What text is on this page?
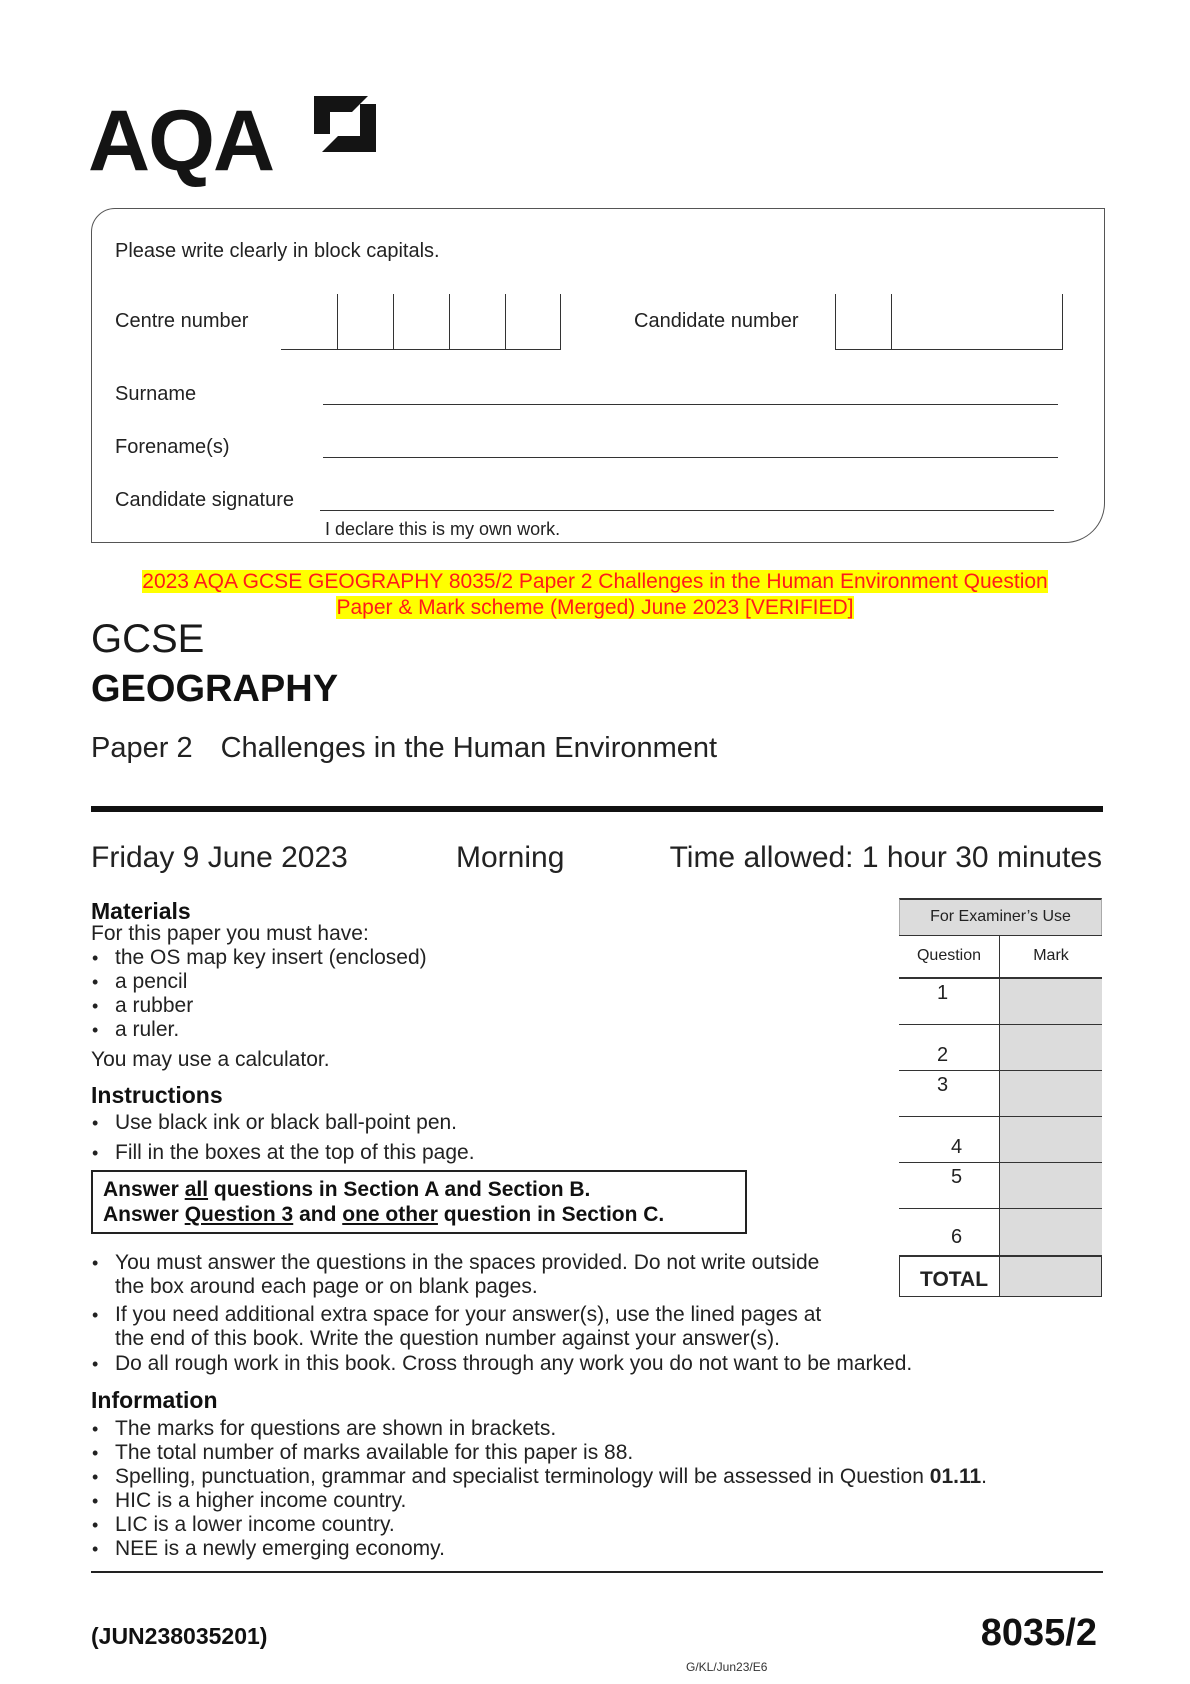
AQA
Please write clearly in block capitals.
Centre number	Candidate number
Surname
Forename(s)
Candidate signature
I declare this is my own work.
2023 AQA GCSE GEOGRAPHY 8035/2 Paper 2 Challenges in the Human Environment Question
Paper & Mark scheme (Merged) June 2023 [VERIFIED]
GCSE
GEOGRAPHY
Paper 2 Challenges in the Human Environment
Friday 9 June 2023	Morning	Time allowed: 1 hour 30 minutes
Materials
For this paper you must have:
• the OS map key insert (enclosed)
• a pencil
• a rubber
• a ruler.
You may use a calculator.
Instructions
• Use black ink or black ball-point pen.
• Fill in the boxes at the top of this page.
Answer all questions in Section A and Section B.
Answer Question 3 and one other question in Section C.
• You must answer the questions in the spaces provided. Do not write outside
the box around each page or on blank pages.
• If you need additional extra space for your answer(s), use the lined pages at
the end of this book. Write the question number against your answer(s).
• Do all rough work in this book. Cross through any work you do not want to be marked.
Information
• The marks for questions are shown in brackets.
• The total number of marks available for this paper is 88.
• Spelling, punctuation, grammar and specialist terminology will be assessed in Question 01.11.
• HIC is a higher income country.
• LIC is a lower income country.
• NEE is a newly emerging economy.
For Examiner’s Use
Question	Mark
1
2
3
4
5
6
TOTAL
(JUN238035201)	8035/2
G/KL/Jun23/E6
